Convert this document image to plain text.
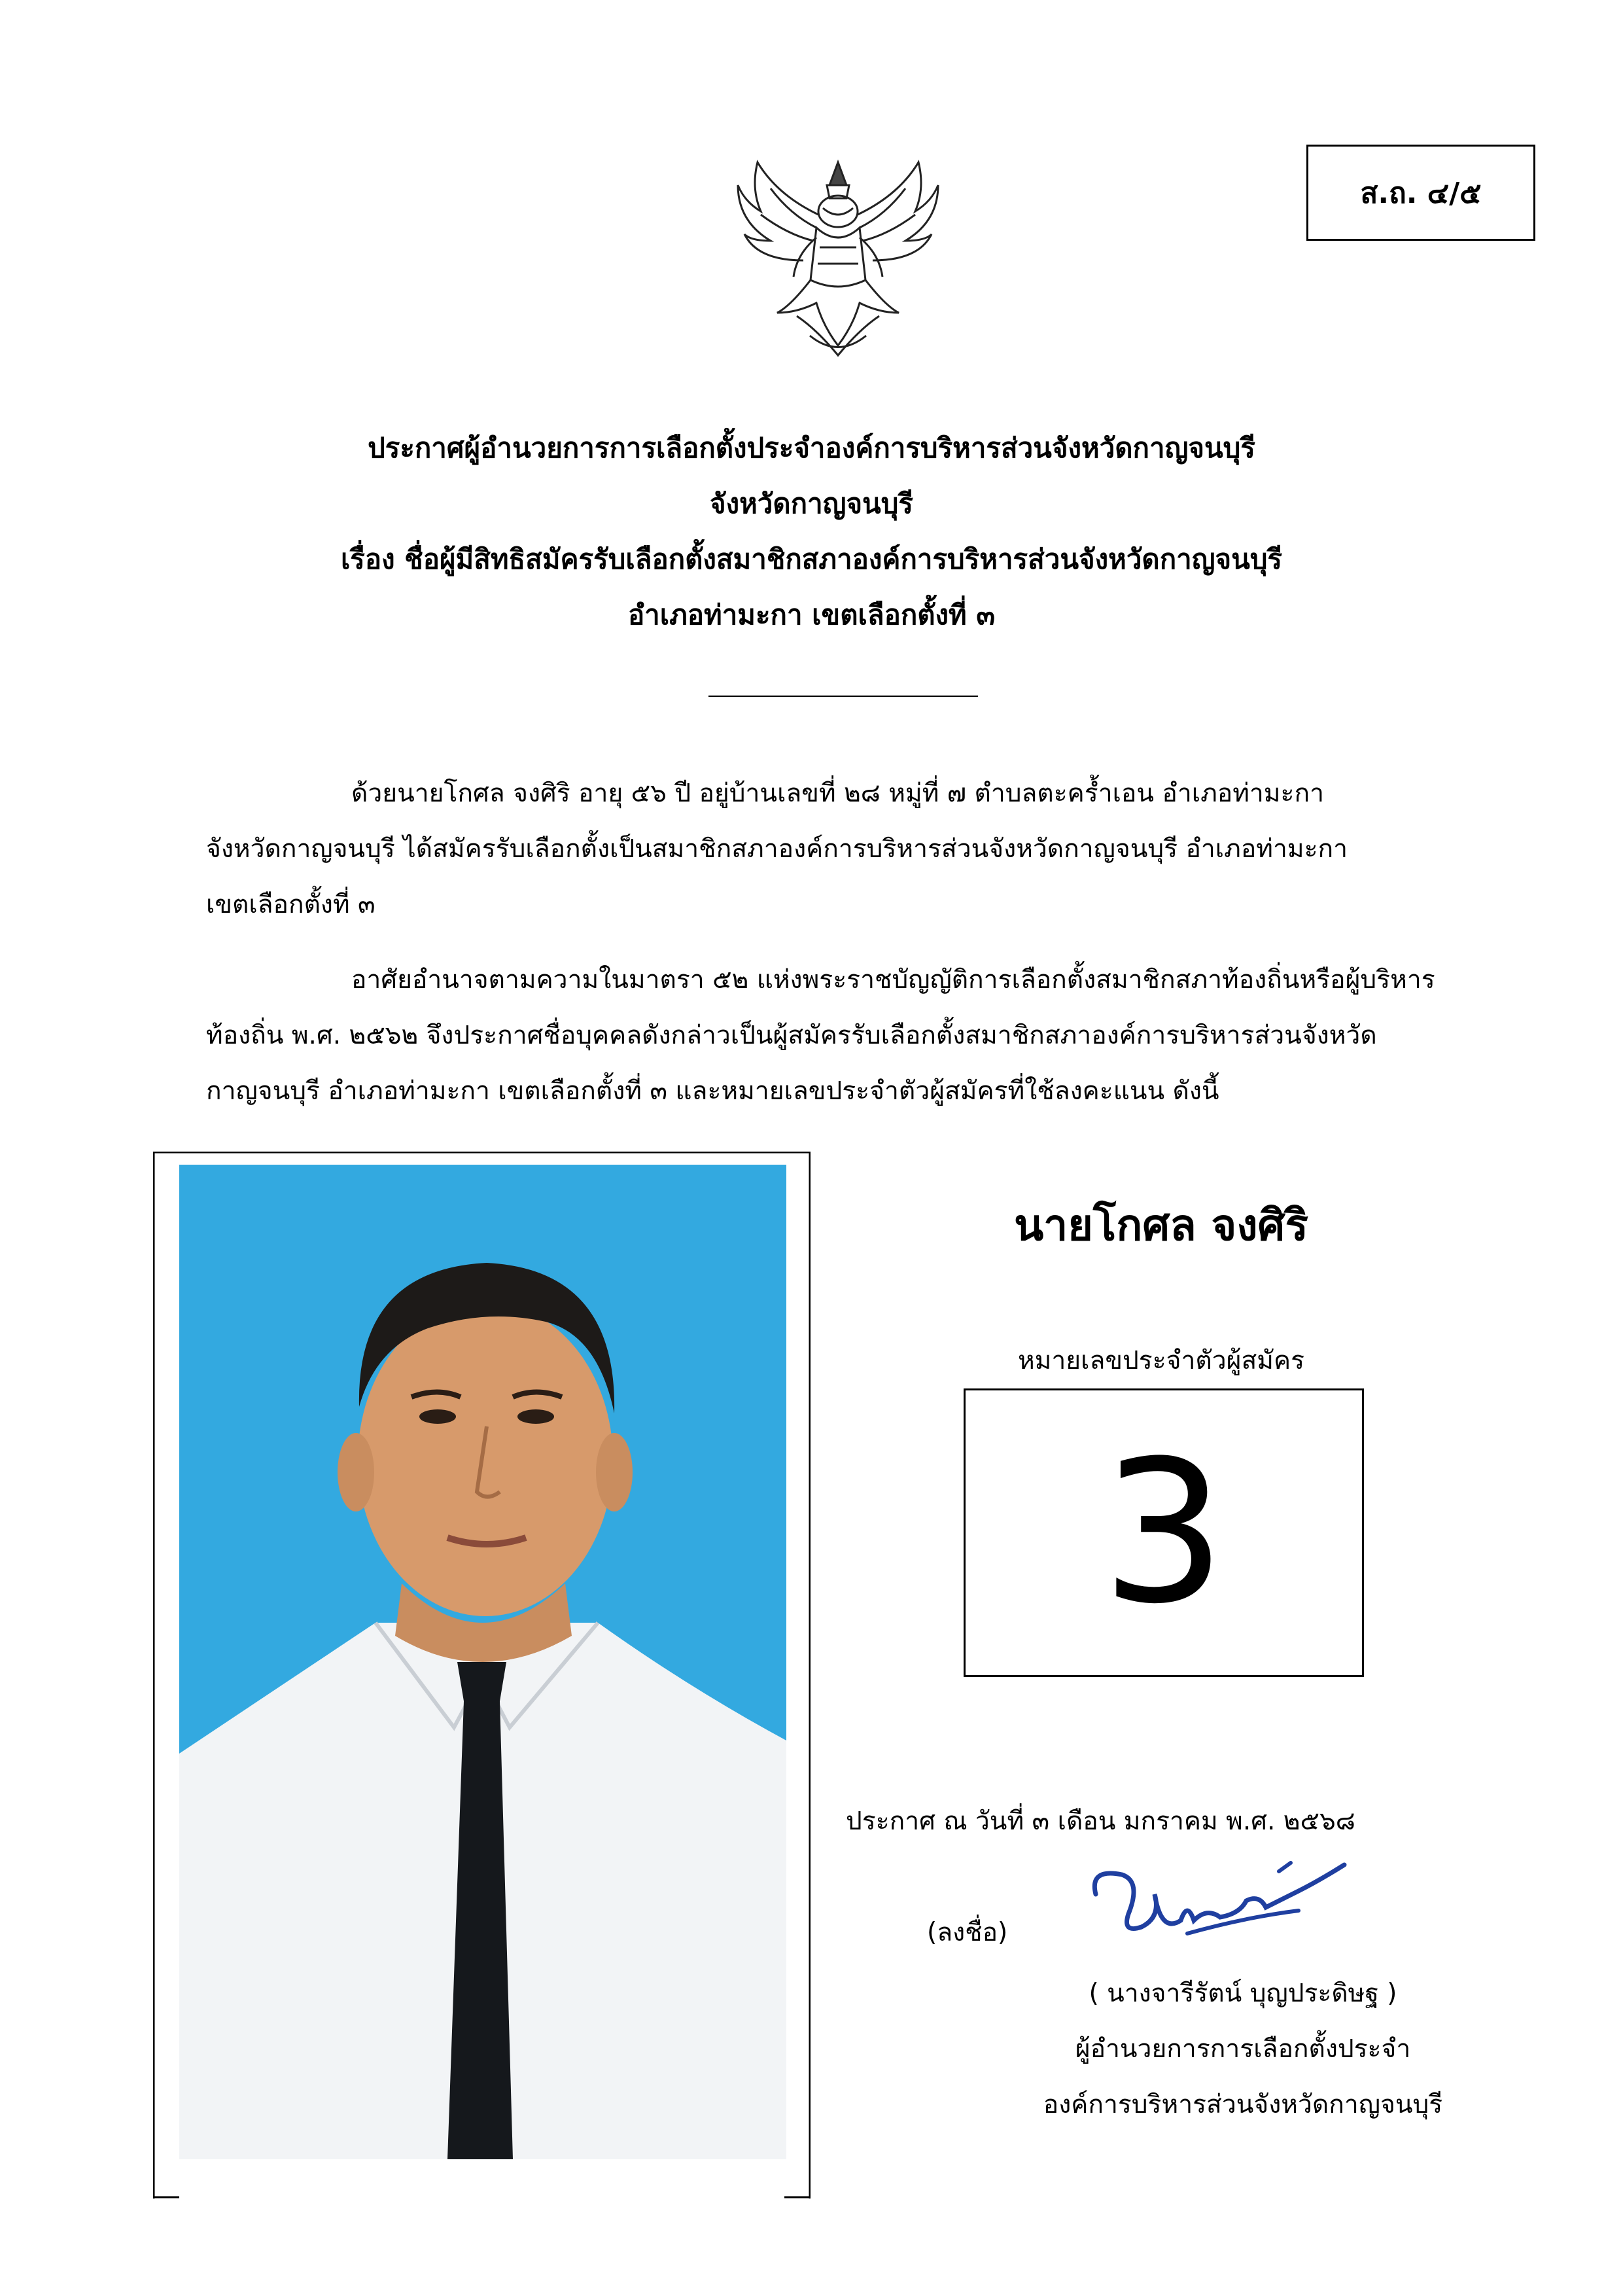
ส.ถ. ๔/๕
ประกาศผู้อำนวยการการเลือกตั้งประจำองค์การบริหารส่วนจังหวัดกาญจนบุรี
จังหวัดกาญจนบุรี
เรื่อง ชื่อผู้มีสิทธิสมัครรับเลือกตั้งสมาชิกสภาองค์การบริหารส่วนจังหวัดกาญจนบุรี
อำเภอท่ามะกา เขตเลือกตั้งที่ ๓
ด้วยนายโกศล จงศิริ อายุ ๕๖ ปี อยู่บ้านเลขที่ ๒๘ หมู่ที่ ๗ ตำบลตะคร้ำเอน อำเภอท่ามะกา
จังหวัดกาญจนบุรี ได้สมัครรับเลือกตั้งเป็นสมาชิกสภาองค์การบริหารส่วนจังหวัดกาญจนบุรี อำเภอท่ามะกา
เขตเลือกตั้งที่ ๓
อาศัยอำนาจตามความในมาตรา ๕๒ แห่งพระราชบัญญัติการเลือกตั้งสมาชิกสภาท้องถิ่นหรือผู้บริหาร
ท้องถิ่น พ.ศ. ๒๕๖๒ จึงประกาศชื่อบุคคลดังกล่าวเป็นผู้สมัครรับเลือกตั้งสมาชิกสภาองค์การบริหารส่วนจังหวัด
กาญจนบุรี อำเภอท่ามะกา เขตเลือกตั้งที่ ๓ และหมายเลขประจำตัวผู้สมัครที่ใช้ลงคะแนน ดังนี้
นายโกศล จงศิริ
หมายเลขประจำตัวผู้สมัคร
3
ประกาศ ณ วันที่ ๓ เดือน มกราคม พ.ศ. ๒๕๖๘
(ลงชื่อ)
( นางจารีรัตน์ บุญประดิษฐ )
ผู้อำนวยการการเลือกตั้งประจำ
องค์การบริหารส่วนจังหวัดกาญจนบุรี
